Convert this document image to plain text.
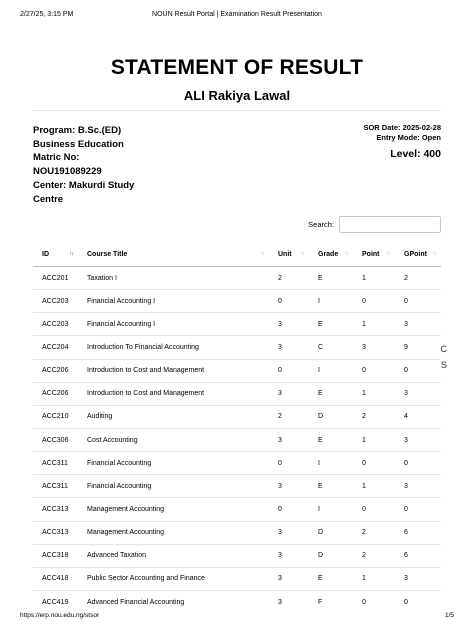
2/27/25, 3:15 PM	NOUN Result Portal | Examination Result Presentation
STATEMENT OF RESULT
ALI Rakiya Lawal
Program: B.Sc.(ED)
Business Education
Matric No:
NOU191089229
Center: Makurdi Study
Centre
SOR Date: 2025-02-28
Entry Mode: Open
Level: 400
Search:
ID ↑↓	Course Title ↑↓	Unit ↑↓	Grade ↑↓	Point ↑↓	GPoint ↑↓

ACC201	Taxation I	2	E	1	2
ACC203	Financial Accounting I	0	I	0	0
ACC203	Financial Accounting I	3	E	1	3
ACC204	Introduction To Financial Accounting	3	C	3	9
ACC206	Introduction to Cost and Management	0	I	0	0
ACC206	Introduction to Cost and Management	3	E	1	3
ACC210	Auditing	2	D	2	4
ACC306	Cost Accounting	3	E	1	3
ACC311	Financial Accounting	0	I	0	0
ACC311	Financial Accounting	3	E	1	3
ACC313	Management Accounting	0	I	0	0
ACC313	Management Accounting	3	D	2	6
ACC318	Advanced Taxation	3	D	2	6
ACC418	Public Sector Accounting and Finance	3	E	1	3
ACC419	Advanced Financial Accounting	3	F	0	0
C
S
https://erp.nou.edu.ng/stsor	1/5
